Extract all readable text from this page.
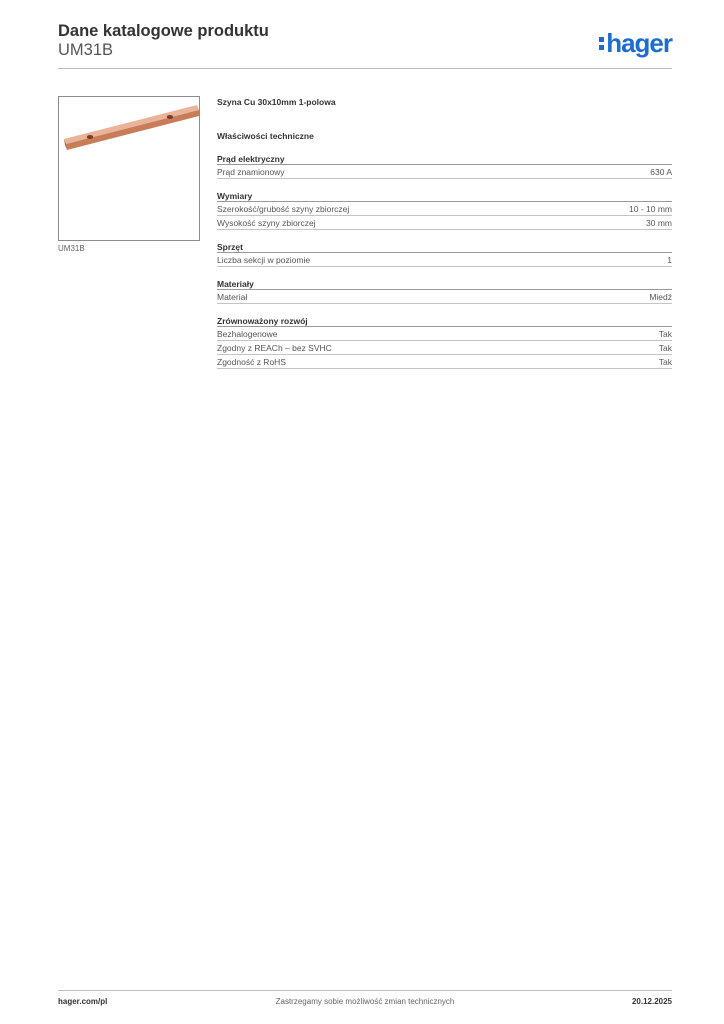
Dane katalogowe produktu
UM31B	hager
UM31B
Szyna Cu 30x10mm 1-polowa
Właściwości techniczne
Prąd elektryczny
Prąd znamionowy	630 A
Wymiary
Szerokość/grubość szyny zbiorczej	10 - 10 mm
Wysokość szyny zbiorczej	30 mm
Sprzęt
Liczba sekcji w poziomie	1
Materiały
Materiał	Miedź
Zrównoważony rozwój
Bezhalogenowe	Tak
Zgodny z REACh – bez SVHC	Tak
Zgodność z RoHS	Tak
hager.com/pl	Zastrzegamy sobie możliwość zmian technicznych	20.12.2025
